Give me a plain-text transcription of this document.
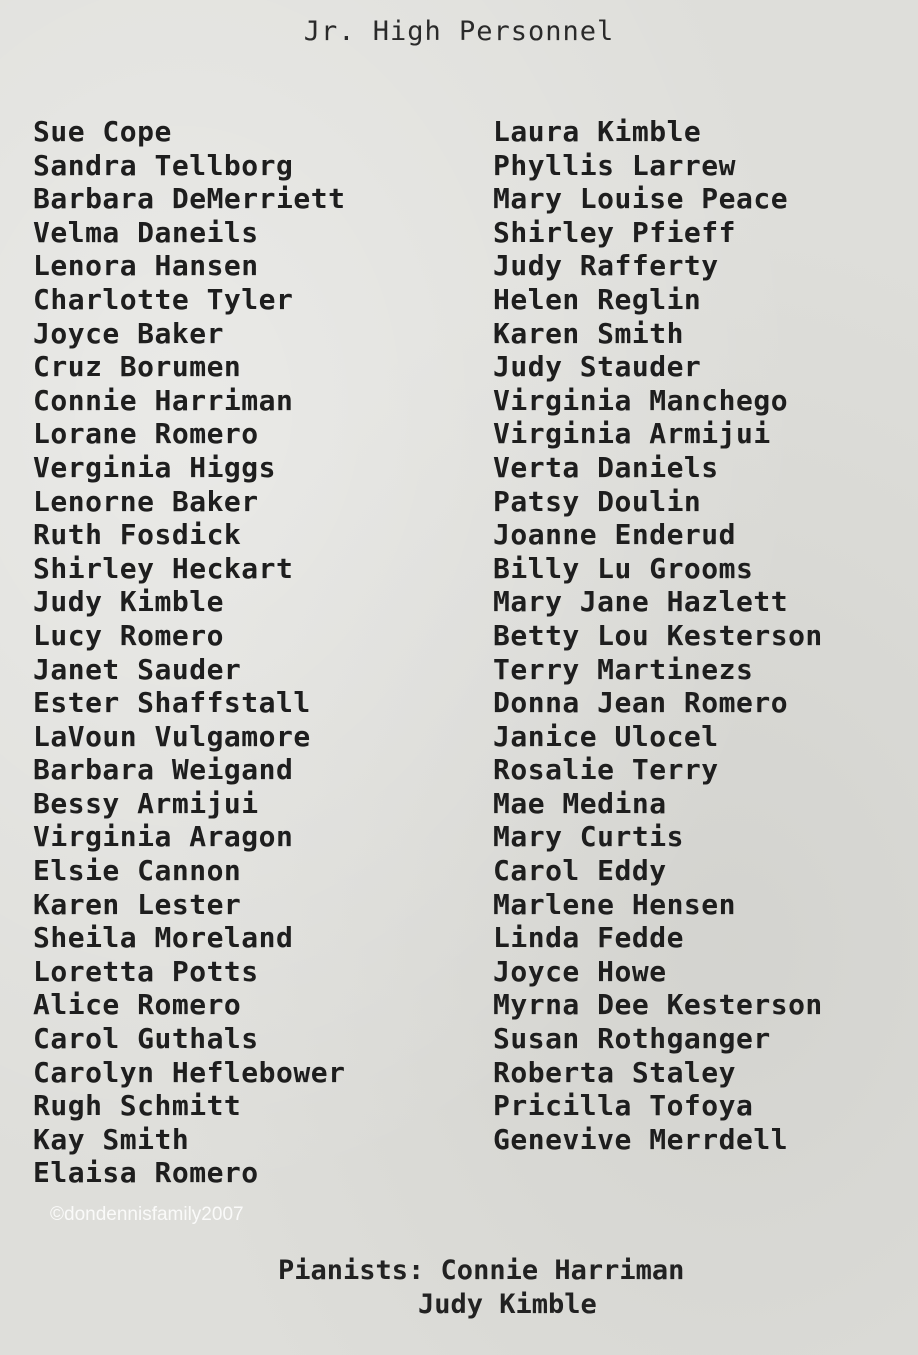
Jr. High Personnel
Sue Cope
Sandra Tellborg
Barbara DeMerriett
Velma Daneils
Lenora Hansen
Charlotte Tyler
Joyce Baker
Cruz Borumen
Connie Harriman
Lorane Romero
Verginia Higgs
Lenorne Baker
Ruth Fosdick
Shirley Heckart
Judy Kimble
Lucy Romero
Janet Sauder
Ester Shaffstall
LaVoun Vulgamore
Barbara Weigand
Bessy Armijui
Virginia Aragon
Elsie Cannon
Karen Lester
Sheila Moreland
Loretta Potts
Alice Romero
Carol Guthals
Carolyn Heflebower
Rugh Schmitt
Kay Smith
Elaisa Romero
Laura Kimble
Phyllis Larrew
Mary Louise Peace
Shirley Pfieff
Judy Rafferty
Helen Reglin
Karen Smith
Judy Stauder
Virginia Manchego
Virginia Armijui
Verta Daniels
Patsy Doulin
Joanne Enderud
Billy Lu Grooms
Mary Jane Hazlett
Betty Lou Kesterson
Terry Martinezs
Donna Jean Romero
Janice Ulocel
Rosalie Terry
Mae Medina
Mary Curtis
Carol Eddy
Marlene Hensen
Linda Fedde
Joyce Howe
Myrna Dee Kesterson
Susan Rothganger
Roberta Staley
Pricilla Tofoya
Genevive Merrdell
©dondennisfamily2007
Pianists: Connie Harriman
Judy Kimble
